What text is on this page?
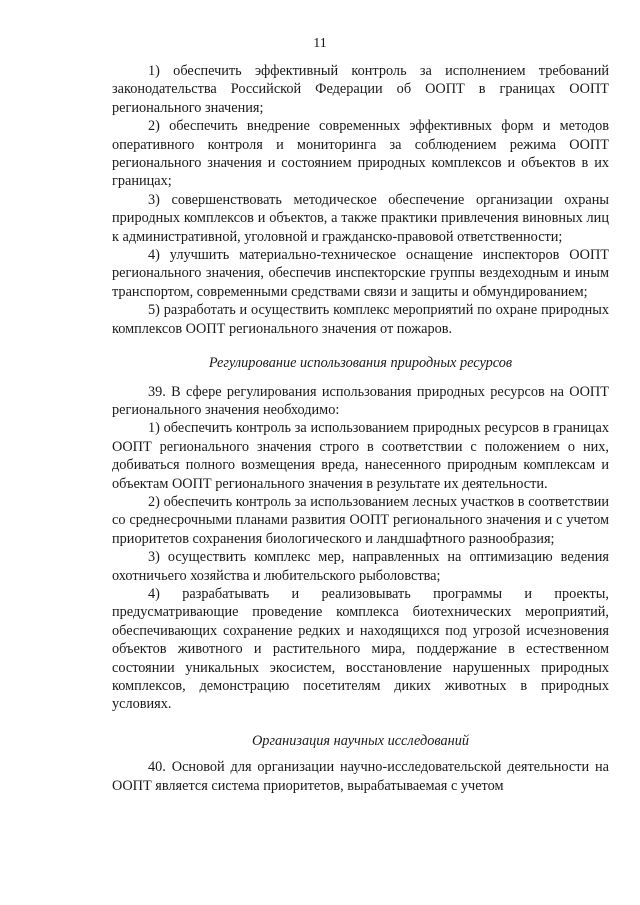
11

1) обеспечить эффективный контроль за исполнением требований законодательства Российской Федерации об ООПТ в границах ООПТ регионального значения;

2) обеспечить внедрение современных эффективных форм и методов оперативного контроля и мониторинга за соблюдением режима ООПТ регионального значения и состоянием природных комплексов и объектов в их границах;

3) совершенствовать методическое обеспечение организации охраны природных комплексов и объектов, а также практики привлечения виновных лиц к административной, уголовной и гражданско-правовой ответственности;

4) улучшить материально-техническое оснащение инспекторов ООПТ регионального значения, обеспечив инспекторские группы вездеходным и иным транспортом, современными средствами связи и защиты и обмундированием;

5) разработать и осуществить комплекс мероприятий по охране природных комплексов ООПТ регионального значения от пожаров.

Регулирование использования природных ресурсов

39. В сфере регулирования использования природных ресурсов на ООПТ регионального значения необходимо:

1) обеспечить контроль за использованием природных ресурсов в границах ООПТ регионального значения строго в соответствии с положением о них, добиваться полного возмещения вреда, нанесенного природным комплексам и объектам ООПТ регионального значения в результате их деятельности.

2) обеспечить контроль за использованием лесных участков в соответствии со среднесрочными планами развития ООПТ регионального значения и с учетом приоритетов сохранения биологического и ландшафтного разнообразия;

3) осуществить комплекс мер, направленных на оптимизацию ведения охотничьего хозяйства и любительского рыболовства;

4) разрабатывать и реализовывать программы и проекты, предусматривающие проведение комплекса биотехнических мероприятий, обеспечивающих сохранение редких и находящихся под угрозой исчезновения объектов животного и растительного мира, поддержание в естественном состоянии уникальных экосистем, восстановление нарушенных природных комплексов, демонстрацию посетителям диких животных в природных условиях.

Организация научных исследований

40. Основой для организации научно-исследовательской деятельности на ООПТ является система приоритетов, вырабатываемая с учетом
